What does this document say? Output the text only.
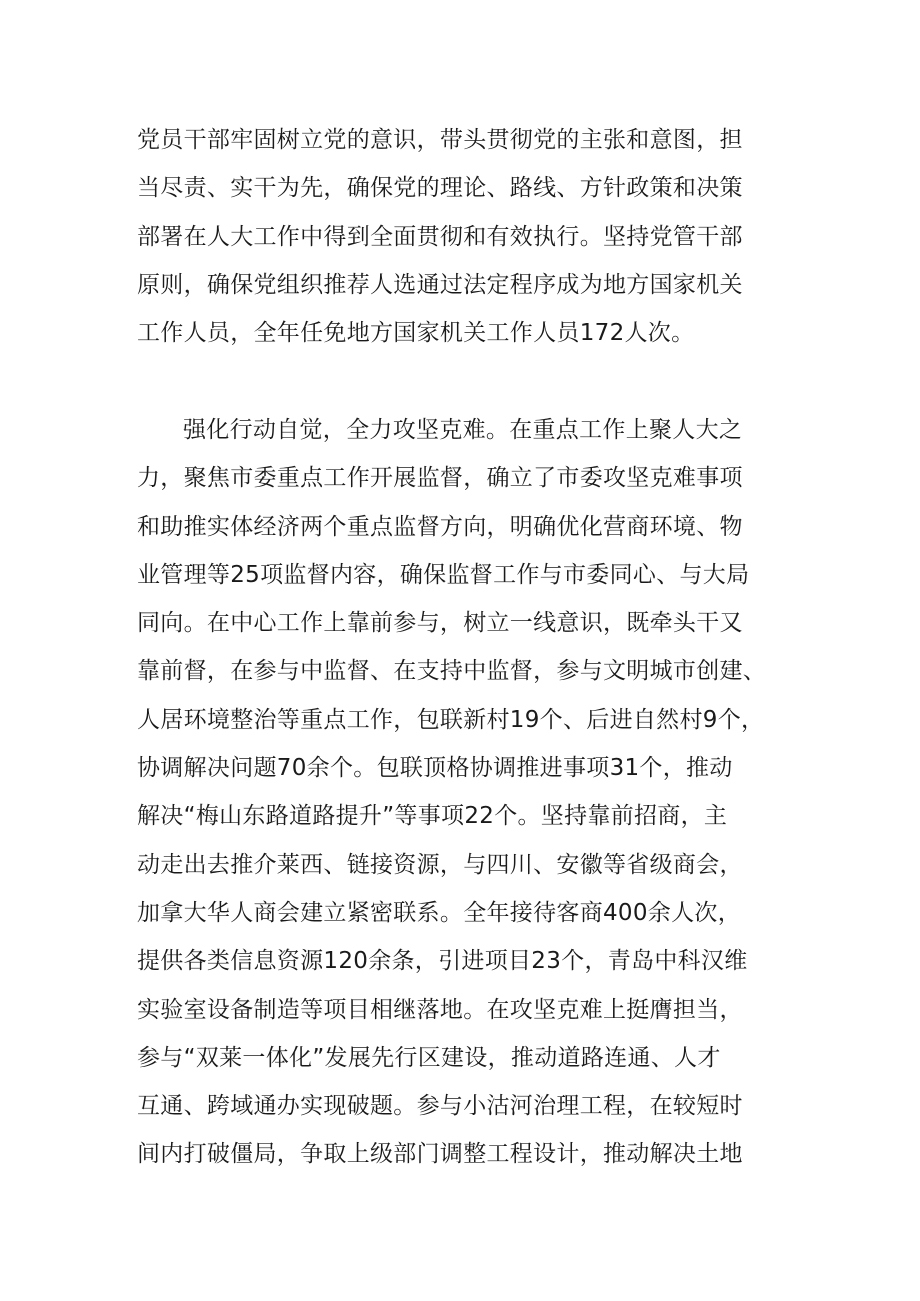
党员干部牢固树立党的意识，带头贯彻党的主张和意图，担
当尽责、实干为先，确保党的理论、路线、方针政策和决策
部署在人大工作中得到全面贯彻和有效执行。坚持党管干部
原则，确保党组织推荐人选通过法定程序成为地方国家机关
工作人员，全年任免地方国家机关工作人员172人次。
强化行动自觉，全力攻坚克难。在重点工作上聚人大之
力，聚焦市委重点工作开展监督，确立了市委攻坚克难事项
和助推实体经济两个重点监督方向，明确优化营商环境、物
业管理等25项监督内容，确保监督工作与市委同心、与大局
同向。在中心工作上靠前参与，树立一线意识，既牵头干又
靠前督，在参与中监督、在支持中监督，参与文明城市创建、
人居环境整治等重点工作，包联新村19个、后进自然村9个，
协调解决问题70余个。包联顶格协调推进事项31个，推动
解决“梅山东路道路提升”等事项22个。坚持靠前招商，主
动走出去推介莱西、链接资源，与四川、安徽等省级商会，
加拿大华人商会建立紧密联系。全年接待客商400余人次，
提供各类信息资源120余条，引进项目23个，青岛中科汉维
实验室设备制造等项目相继落地。在攻坚克难上挺膺担当，
参与“双莱一体化”发展先行区建设，推动道路连通、人才
互通、跨域通办实现破题。参与小沽河治理工程，在较短时
间内打破僵局，争取上级部门调整工程设计，推动解决土地
